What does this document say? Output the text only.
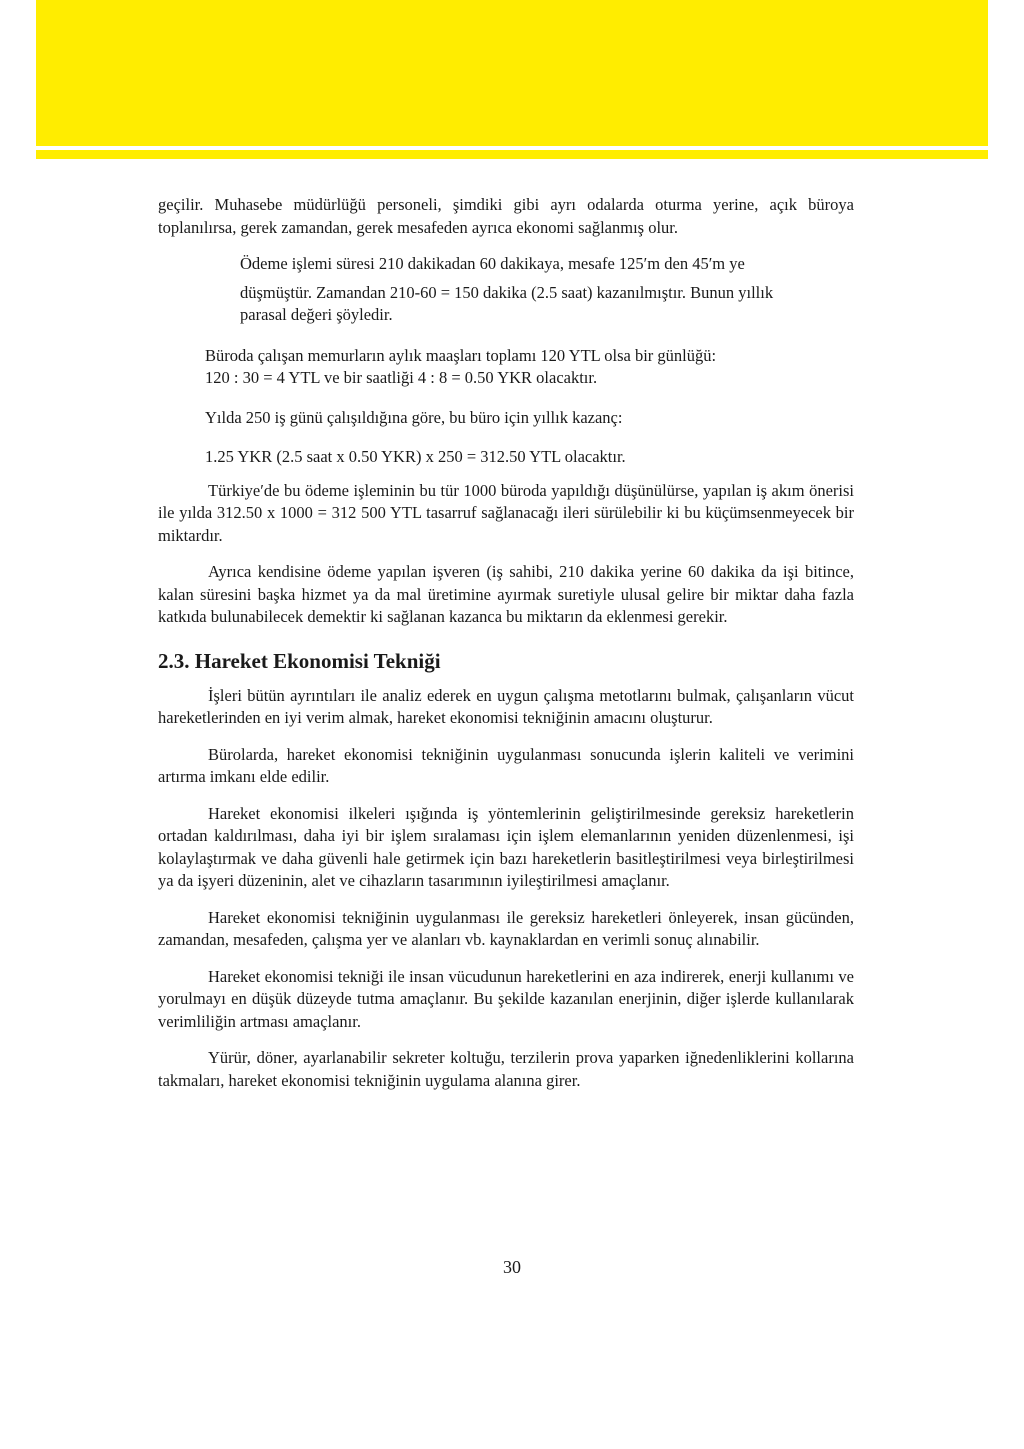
geçilir. Muhasebe müdürlüğü personeli, şimdiki gibi ayrı odalarda oturma yerine, açık büroya toplanılırsa, gerek zamandan, gerek mesafeden ayrıca ekonomi sağlanmış olur.

Ödeme işlemi süresi 210 dakikadan 60 dakikaya, mesafe 125′m den 45′m ye

düşmüştür. Zamandan 210-60 = 150 dakika (2.5 saat) kazanılmıştır. Bunun yıllık

parasal değeri şöyledir.

Büroda çalışan memurların aylık maaşları toplamı 120 YTL olsa bir günlüğü:

120 : 30 = 4 YTL ve bir saatliği 4 : 8 = 0.50 YKR olacaktır.

Yılda 250 iş günü çalışıldığına göre, bu büro için yıllık kazanç:

1.25 YKR (2.5 saat x 0.50 YKR) x 250 = 312.50 YTL olacaktır.

Türkiye′de bu ödeme işleminin bu tür 1000 büroda yapıldığı düşünülürse, yapılan iş akım önerisi ile yılda 312.50 x 1000 = 312 500 YTL tasarruf sağlanacağı ileri sürülebilir ki bu küçümsenmeyecek bir miktardır.

Ayrıca kendisine ödeme yapılan işveren (iş sahibi, 210 dakika yerine 60 dakika da işi bitince, kalan süresini başka hizmet ya da mal üretimine ayırmak suretiyle ulusal gelire bir miktar daha fazla katkıda bulunabilecek demektir ki sağlanan kazanca bu miktarın da eklenmesi gerekir.

2.3. Hareket Ekonomisi Tekniği

İşleri bütün ayrıntıları ile analiz ederek en uygun çalışma metotlarını bulmak, çalışanların vücut hareketlerinden en iyi verim almak, hareket ekonomisi tekniğinin amacını oluşturur.

Bürolarda, hareket ekonomisi tekniğinin uygulanması sonucunda işlerin kaliteli ve verimini artırma imkanı elde edilir.

Hareket ekonomisi ilkeleri ışığında iş yöntemlerinin geliştirilmesinde gereksiz hareketlerin ortadan kaldırılması, daha iyi bir işlem sıralaması için işlem elemanlarının yeniden düzenlenmesi, işi kolaylaştırmak ve daha güvenli hale getirmek için bazı hareketlerin basitleştirilmesi veya birleştirilmesi ya da işyeri düzeninin, alet ve cihazların tasarımının iyileştirilmesi amaçlanır.

Hareket ekonomisi tekniğinin uygulanması ile gereksiz hareketleri önleyerek, insan gücünden, zamandan, mesafeden, çalışma yer ve alanları vb. kaynaklardan en verimli sonuç alınabilir.

Hareket ekonomisi tekniği ile insan vücudunun hareketlerini en aza indirerek, enerji kullanımı ve yorulmayı en düşük düzeyde tutma amaçlanır. Bu şekilde kazanılan enerjinin, diğer işlerde kullanılarak verimliliğin artması amaçlanır.

Yürür, döner, ayarlanabilir sekreter koltuğu, terzilerin prova yaparken iğnedenliklerini kollarına takmaları, hareket ekonomisi tekniğinin uygulama alanına girer.

30
